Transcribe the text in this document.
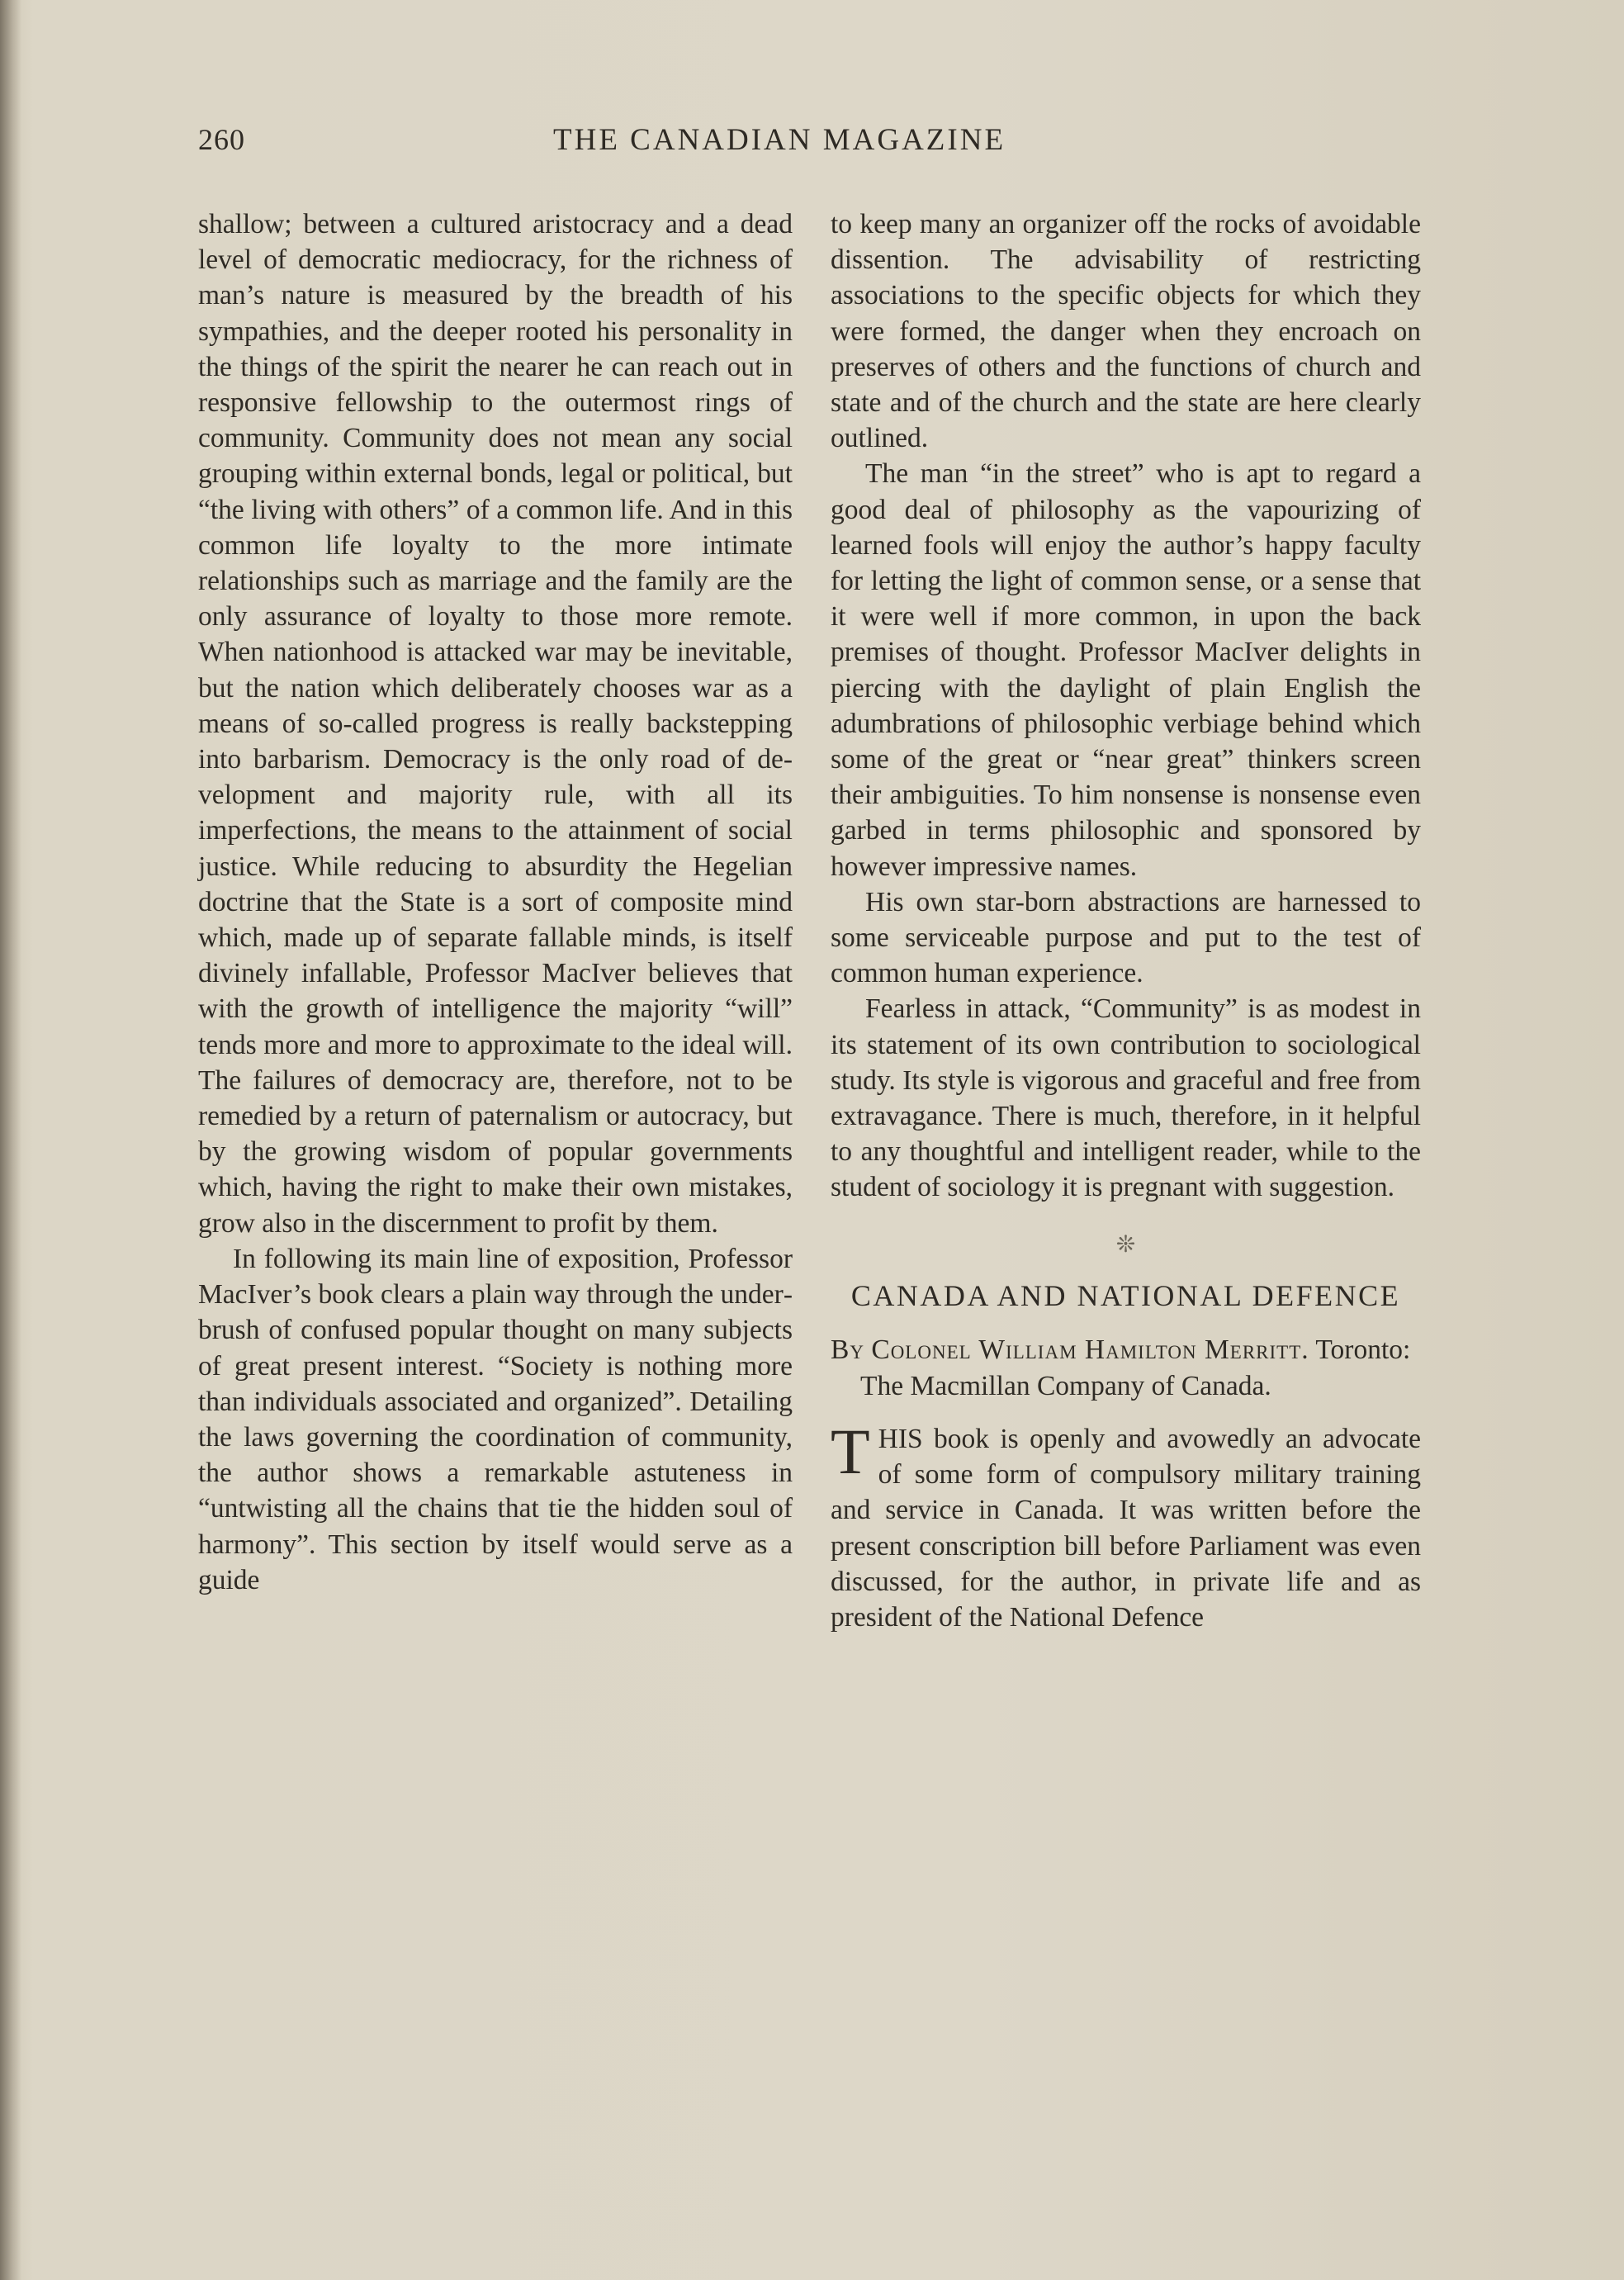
260	THE CANADIAN MAGAZINE

shallow; between a cultured aristocracy and a dead level of democratic mediocracy, for the richness of man’s nature is measured by the breadth of his sympathies, and the deeper rooted his personality in the things of the spirit the nearer he can reach out in responsive fellowship to the outermost rings of community. Community does not mean any social grouping within external bonds, legal or political, but “the living with others” of a common life. And in this common life loyalty to the more intimate relationships such as marriage and the family are the only assurance of loyalty to those more remote. When nationhood is attacked war may be inevitable, but the nation which deliberately chooses war as a means of so-called progress is really backstepping into barbarism. Democracy is the only road of development and majority rule, with all its imperfections, the means to the attainment of social justice. While reducing to absurdity the Hegelian doctrine that the State is a sort of composite mind which, made up of separate fallable minds, is itself divinely infallable, Professor MacIver believes that with the growth of intelligence the majority “will” tends more and more to approximate to the ideal will. The failures of democracy are, therefore, not to be remedied by a return of paternalism or autocracy, but by the growing wisdom of popular governments which, having the right to make their own mistakes, grow also in the discernment to profit by them.

In following its main line of exposition, Professor MacIver’s book clears a plain way through the underbrush of confused popular thought on many subjects of great present interest. “Society is nothing more than individuals associated and organized”. Detailing the laws governing the coordination of community, the author shows a remarkable astuteness in “untwisting all the chains that tie the hidden soul of harmony”. This section by itself would serve as a guide

to keep many an organizer off the rocks of avoidable dissention. The advisability of restricting associations to the specific objects for which they were formed, the danger when they encroach on preserves of others and the functions of church and state and of the church and the state are here clearly outlined.

The man “in the street” who is apt to regard a good deal of philosophy as the vapourizing of learned fools will enjoy the author’s happy faculty for letting the light of common sense, or a sense that it were well if more common, in upon the back premises of thought. Professor MacIver delights in piercing with the daylight of plain English the adumbrations of philosophic verbiage behind which some of the great or “near great” thinkers screen their ambiguities. To him nonsense is nonsense even garbed in terms philosophic and sponsored by however impressive names.

His own star-born abstractions are harnessed to some serviceable purpose and put to the test of common human experience.

Fearless in attack, “Community” is as modest in its statement of its own contribution to sociological study. Its style is vigorous and graceful and free from extravagance. There is much, therefore, in it helpful to any thoughtful and intelligent reader, while to the student of sociology it is pregnant with suggestion.

❊
CANADA AND NATIONAL DEFENCE
By Colonel William Hamilton Merritt. Toronto: The Macmillan Company of Canada.

THIS book is openly and avowedly an advocate of some form of compulsory military training and service in Canada. It was written before the present conscription bill before Parliament was even discussed, for the author, in private life and as president of the National Defence
